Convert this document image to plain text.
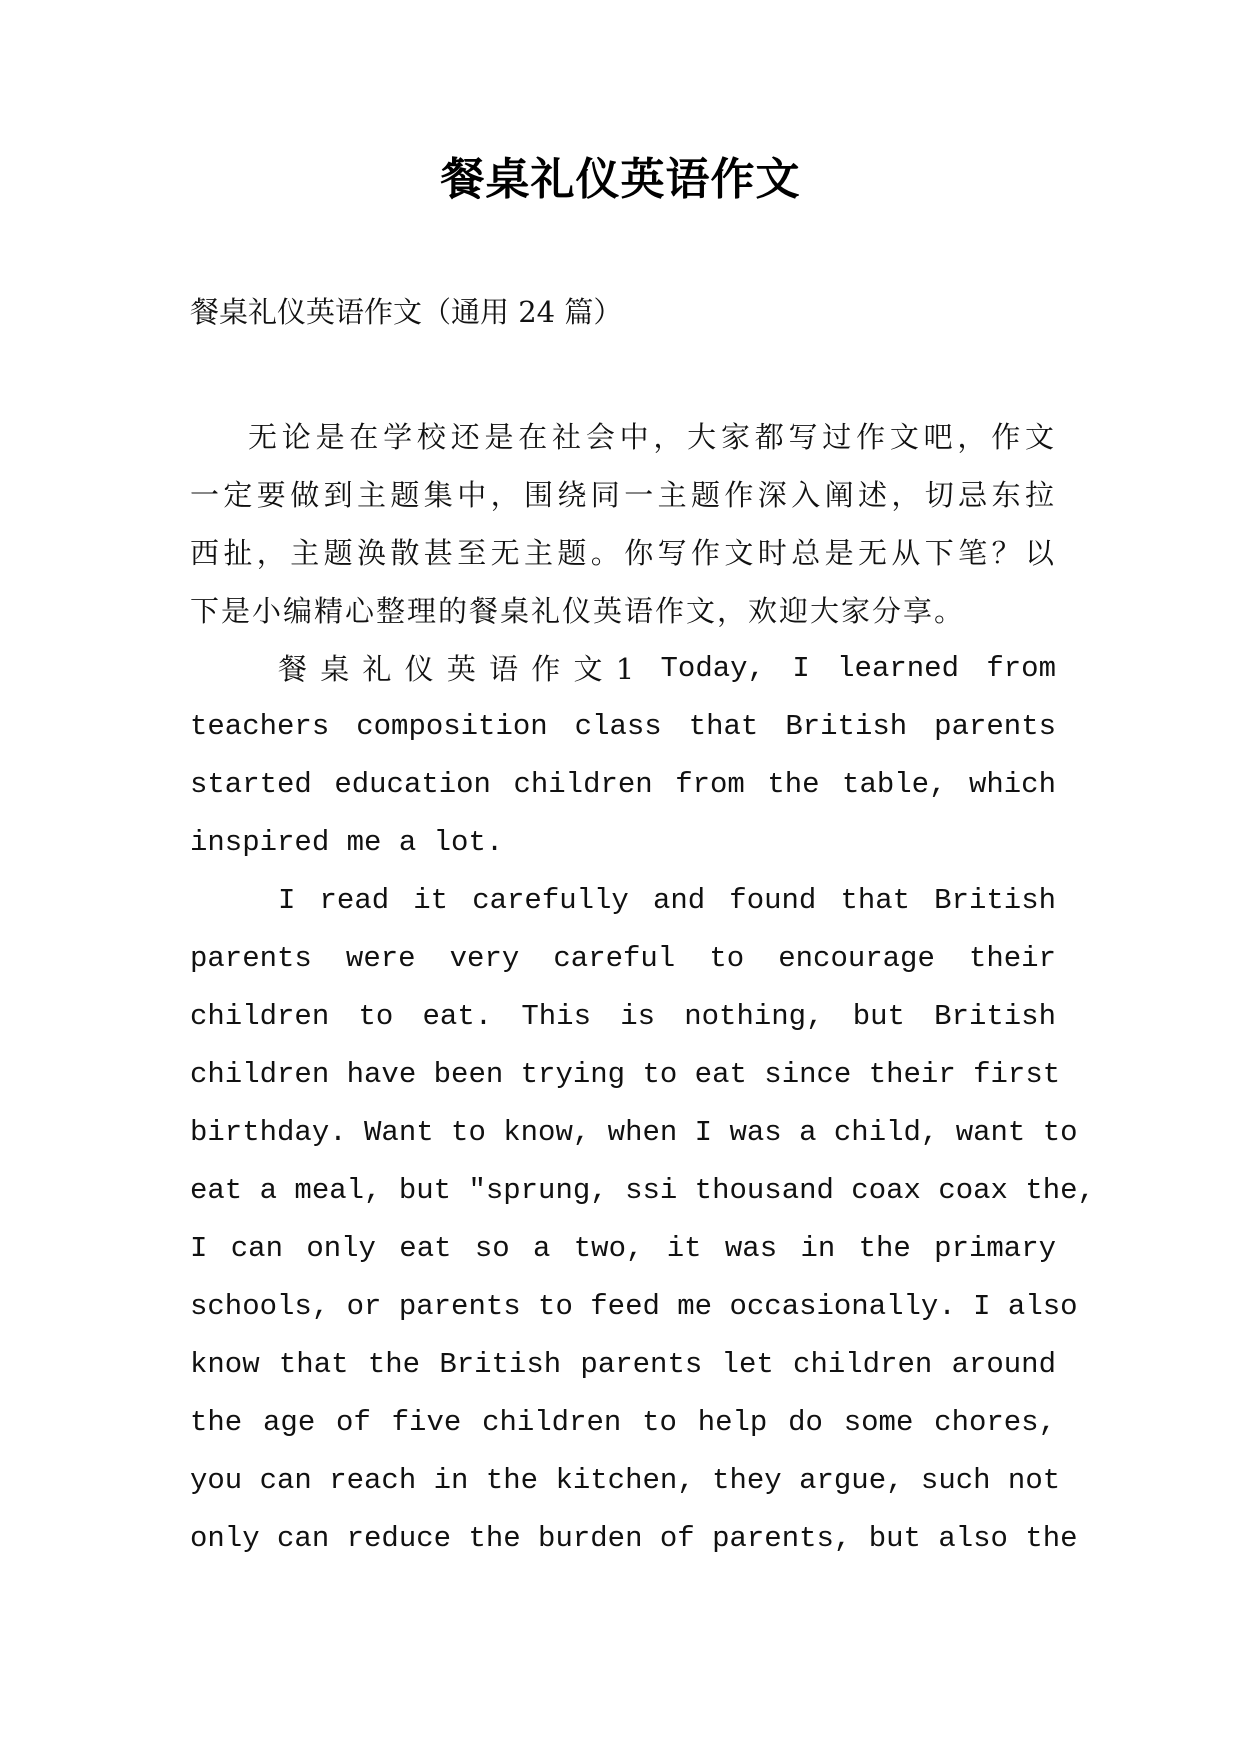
餐桌礼仪英语作文
餐桌礼仪英语作文（通用 24 篇）
无论是在学校还是在社会中，大家都写过作文吧，作文
一定要做到主题集中，围绕同一主题作深入阐述，切忌东拉
西扯，主题涣散甚至无主题。你写作文时总是无从下笔？以
下是小编精心整理的餐桌礼仪英语作文，欢迎大家分享。
餐 桌 礼 仪 英 语 作 文 1 Today, I learned from
teachers composition class that British parents
started education children from the table, which
inspired me a lot.
I read it carefully and found that British
parents were very careful to encourage their
children to eat. This is nothing, but British
children have been trying to eat since their first
birthday. Want to know, when I was a child, want to
eat a meal, but "sprung, ssi thousand coax coax the,
I can only eat so a two, it was in the primary
schools, or parents to feed me occasionally. I also
know that the British parents let children around
the age of five children to help do some chores,
you can reach in the kitchen, they argue, such not
only can reduce the burden of parents, but also the
